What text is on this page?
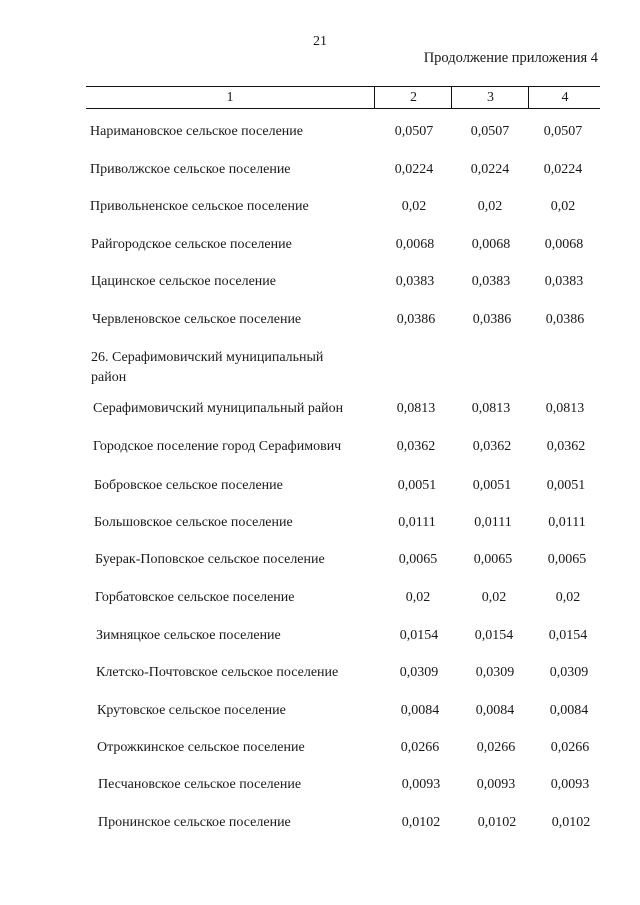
21
Продолжение приложения 4
1	2	3	4
Наримановское сельское поселение	0,0507	0,0507	0,0507
Приволжское сельское поселение	0,0224	0,0224	0,0224
Привольненское сельское поселение	0,02	0,02	0,02
Райгородское сельское поселение	0,0068	0,0068	0,0068
Цацинское сельское поселение	0,0383	0,0383	0,0383
Червленовское сельское поселение	0,0386	0,0386	0,0386
26. Серафимовичский муниципальный
район
Серафимовичский муниципальный район	0,0813	0,0813	0,0813
Городское поселение город Серафимович	0,0362	0,0362	0,0362
Бобровское сельское поселение	0,0051	0,0051	0,0051
Большовское сельское поселение	0,0111	0,0111	0,0111
Буерак-Поповское сельское поселение	0,0065	0,0065	0,0065
Горбатовское сельское поселение	0,02	0,02	0,02
Зимняцкое сельское поселение	0,0154	0,0154	0,0154
Клетско-Почтовское сельское поселение	0,0309	0,0309	0,0309
Крутовское сельское поселение	0,0084	0,0084	0,0084
Отрожкинское сельское поселение	0,0266	0,0266	0,0266
Песчановское сельское поселение	0,0093	0,0093	0,0093
Пронинское сельское поселение	0,0102	0,0102	0,0102
